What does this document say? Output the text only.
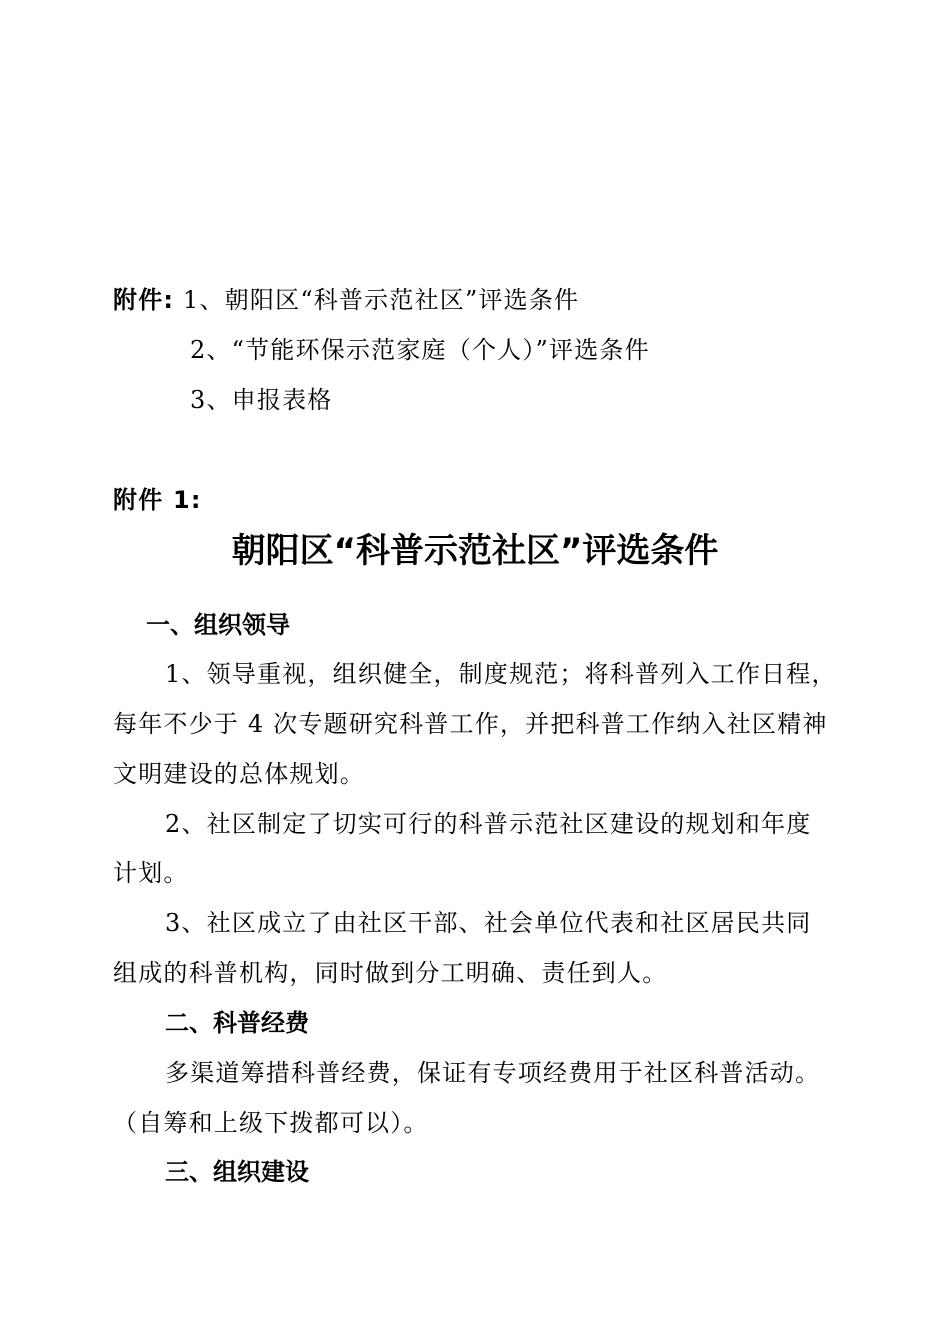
附件: 1、朝阳区“科普示范社区”评选条件
2、“节能环保示范家庭（个人）”评选条件
3、申报表格
附件 1:
朝阳区“科普示范社区”评选条件
一、组织领导
1、领导重视，组织健全，制度规范；将科普列入工作日程，
每年不少于 4 次专题研究科普工作，并把科普工作纳入社区精神
文明建设的总体规划。
2、社区制定了切实可行的科普示范社区建设的规划和年度
计划。
3、社区成立了由社区干部、社会单位代表和社区居民共同
组成的科普机构，同时做到分工明确、责任到人。
二、科普经费
多渠道筹措科普经费，保证有专项经费用于社区科普活动。
（自筹和上级下拨都可以）。
三、组织建设
